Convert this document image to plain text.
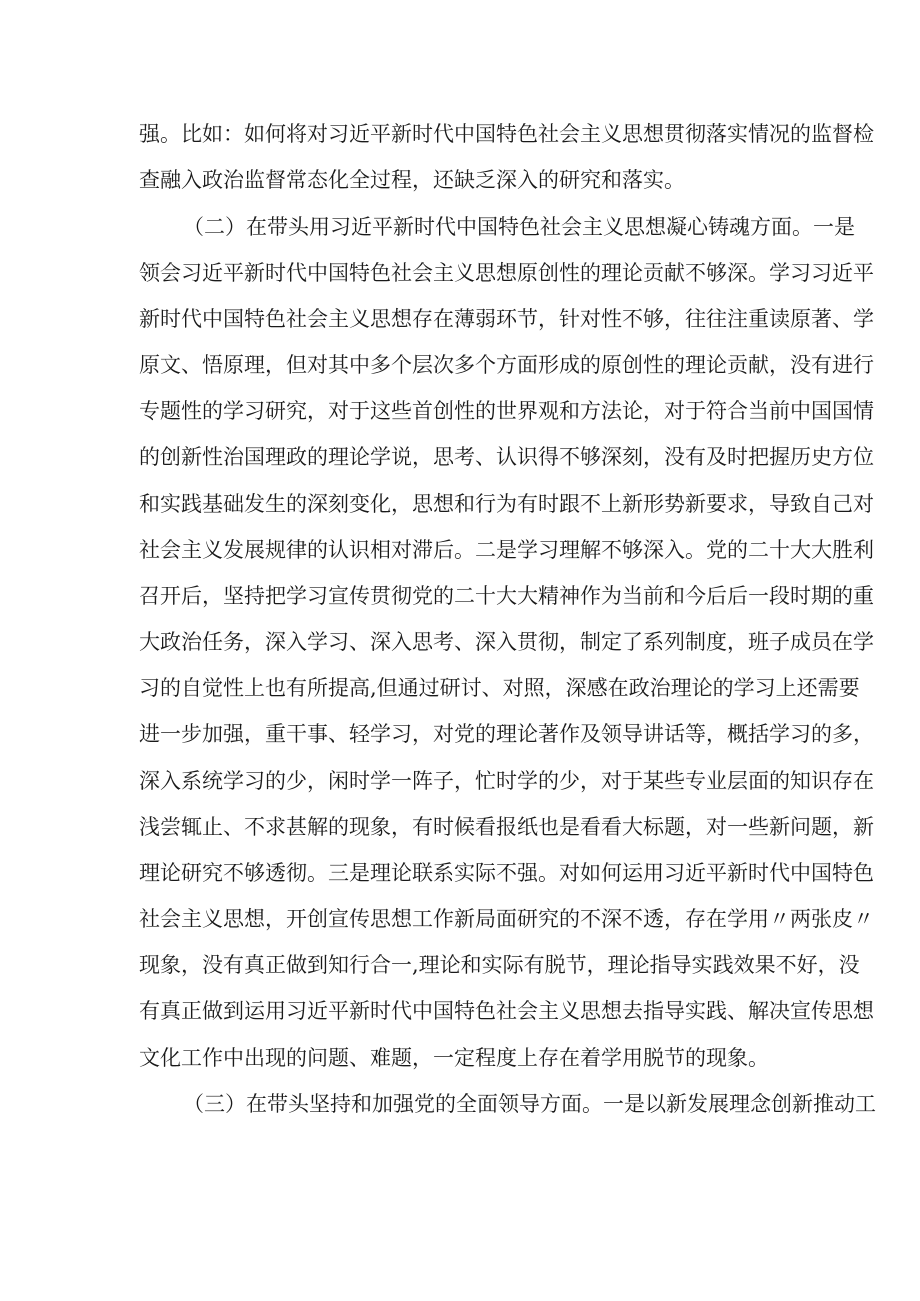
强。比如：如何将对习近平新时代中国特色社会主义思想贯彻落实情况的监督检
查融入政治监督常态化全过程，还缺乏深入的研究和落实。
（二）在带头用习近平新时代中国特色社会主义思想凝心铸魂方面。一是
领会习近平新时代中国特色社会主义思想原创性的理论贡献不够深。学习习近平
新时代中国特色社会主义思想存在薄弱环节，针对性不够，往往注重读原著、学
原文、悟原理，但对其中多个层次多个方面形成的原创性的理论贡献，没有进行
专题性的学习研究，对于这些首创性的世界观和方法论，对于符合当前中国国情
的创新性治国理政的理论学说，思考、认识得不够深刻，没有及时把握历史方位
和实践基础发生的深刻变化，思想和行为有时跟不上新形势新要求，导致自己对
社会主义发展规律的认识相对滞后。二是学习理解不够深入。党的二十大大胜利
召开后，坚持把学习宣传贯彻党的二十大大精神作为当前和今后后一段时期的重
大政治任务，深入学习、深入思考、深入贯彻，制定了系列制度，班子成员在学
习的自觉性上也有所提高,但通过研讨、对照，深感在政治理论的学习上还需要
进一步加强，重干事、轻学习，对党的理论著作及领导讲话等，概括学习的多，
深入系统学习的少，闲时学一阵子，忙时学的少，对于某些专业层面的知识存在
浅尝辄止、不求甚解的现象，有时候看报纸也是看看大标题，对一些新问题，新
理论研究不够透彻。三是理论联系实际不强。对如何运用习近平新时代中国特色
社会主义思想，开创宣传思想工作新局面研究的不深不透，存在学用〃两张皮〃
现象，没有真正做到知行合一,理论和实际有脱节，理论指导实践效果不好，没
有真正做到运用习近平新时代中国特色社会主义思想去指导实践、解决宣传思想
文化工作中出现的问题、难题，一定程度上存在着学用脱节的现象。
（三）在带头坚持和加强党的全面领导方面。一是以新发展理念创新推动工
